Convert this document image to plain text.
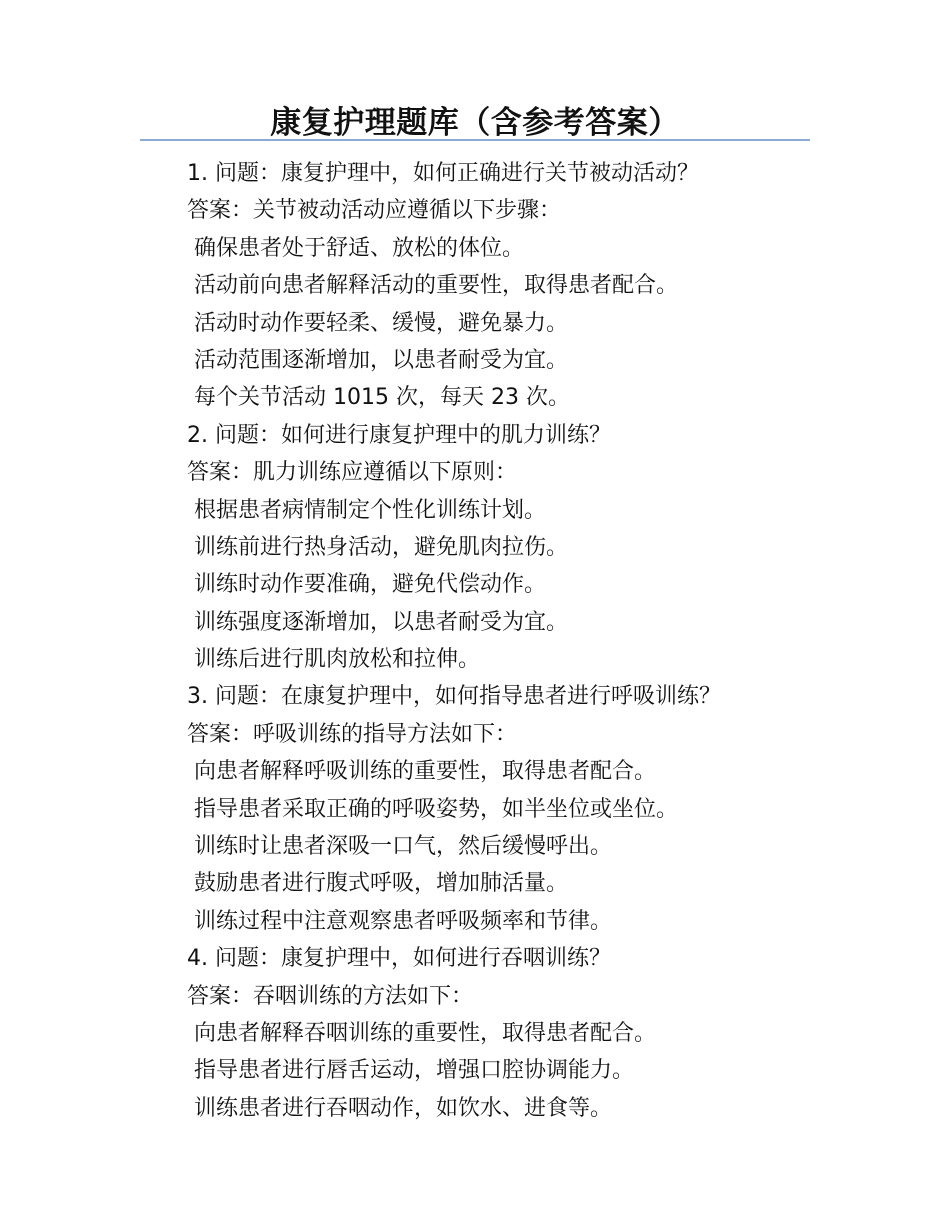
康复护理题库（含参考答案）
1. 问题：康复护理中，如何正确进行关节被动活动？
答案：关节被动活动应遵循以下步骤：
确保患者处于舒适、放松的体位。
活动前向患者解释活动的重要性，取得患者配合。
活动时动作要轻柔、缓慢，避免暴力。
活动范围逐渐增加，以患者耐受为宜。
每个关节活动 1015 次，每天 23 次。
2. 问题：如何进行康复护理中的肌力训练？
答案：肌力训练应遵循以下原则：
根据患者病情制定个性化训练计划。
训练前进行热身活动，避免肌肉拉伤。
训练时动作要准确，避免代偿动作。
训练强度逐渐增加，以患者耐受为宜。
训练后进行肌肉放松和拉伸。
3. 问题：在康复护理中，如何指导患者进行呼吸训练？
答案：呼吸训练的指导方法如下：
向患者解释呼吸训练的重要性，取得患者配合。
指导患者采取正确的呼吸姿势，如半坐位或坐位。
训练时让患者深吸一口气，然后缓慢呼出。
鼓励患者进行腹式呼吸，增加肺活量。
训练过程中注意观察患者呼吸频率和节律。
4. 问题：康复护理中，如何进行吞咽训练？
答案：吞咽训练的方法如下：
向患者解释吞咽训练的重要性，取得患者配合。
指导患者进行唇舌运动，增强口腔协调能力。
训练患者进行吞咽动作，如饮水、进食等。
